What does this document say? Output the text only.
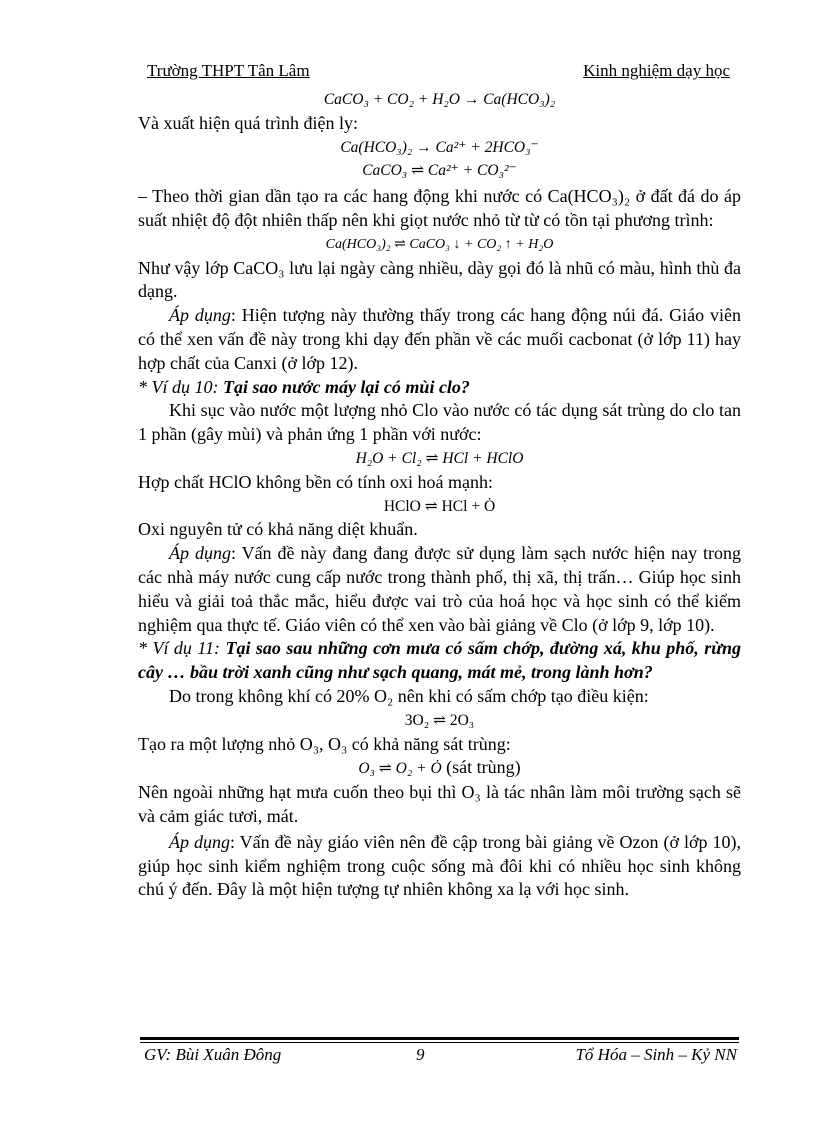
Trường THPT Tân Lâm	Kinh nghiệm dạy học

CaCO₃ + CO₂ + H₂O → Ca(HCO₃)₂

Và xuất hiện quá trình điện ly:

Ca(HCO₃)₂ → Ca²⁺ + 2HCO₃⁻

CaCO₃ ⇌ Ca²⁺ + CO₃²⁻

– Theo thời gian dần tạo ra các hang động khi nước có Ca(HCO₃)₂ ở đất đá do áp suất nhiệt độ đột nhiên thấp nên khi giọt nước nhỏ từ từ có tồn tại phương trình:

Ca(HCO₃)₂ ⇌ CaCO₃ ↓ + CO₂ ↑ + H₂O

Như vậy lớp CaCO₃ lưu lại ngày càng nhiều, dày gọi đó là nhũ có màu, hình thù đa dạng.

Áp dụng: Hiện tượng này thường thấy trong các hang động núi đá. Giáo viên có thể xen vấn đề này trong khi dạy đến phần về các muối cacbonat (ở lớp 11) hay hợp chất của Canxi (ở lớp 12).

* Ví dụ 10: Tại sao nước máy lại có mùi clo?

Khi sục vào nước một lượng nhỏ Clo vào nước có tác dụng sát trùng do clo tan 1 phần (gây mùi) và phản ứng 1 phần với nước:

H₂O + Cl₂ ⇌ HCl + HClO

Hợp chất HClO không bền có tính oxi hoá mạnh:

HClO ⇌ HCl + Ȯ

Oxi nguyên tử có khả năng diệt khuẩn.

Áp dụng: Vấn đề này đang đang được sử dụng làm sạch nước hiện nay trong các nhà máy nước cung cấp nước trong thành phố, thị xã, thị trấn… Giúp học sinh hiểu và giải toả thắc mắc, hiểu được vai trò của hoá học và học sinh có thể kiểm nghiệm qua thực tế. Giáo viên có thể xen vào bài giảng về Clo (ở lớp 9, lớp 10).

* Ví dụ 11: Tại sao sau những cơn mưa có sấm chớp, đường xá, khu phố, rừng cây … bầu trời xanh cũng như sạch quang, mát mẻ, trong lành hơn?

Do trong không khí có 20% O₂ nên khi có sấm chớp tạo điều kiện:

3O₂ ⇌ 2O₃

Tạo ra một lượng nhỏ O₃, O₃ có khả năng sát trùng:

O₃ ⇌ O₂ + Ȯ (sát trùng)

Nên ngoài những hạt mưa cuốn theo bụi thì O₃ là tác nhân làm môi trường sạch sẽ và cảm giác tươi, mát.

Áp dụng: Vấn đề này giáo viên nên đề cập trong bài giảng về Ozon (ở lớp 10), giúp học sinh kiểm nghiệm trong cuộc sống mà đôi khi có nhiều học sinh không chú ý đến. Đây là một hiện tượng tự nhiên không xa lạ với học sinh.

GV: Bùi Xuân Đông	9	Tổ Hóa – Sinh – Kỷ NN
